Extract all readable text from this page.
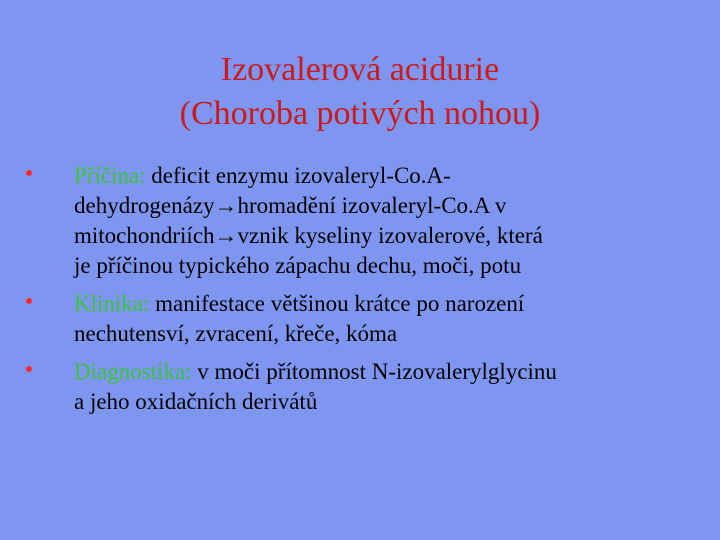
Izovalerová acidurie
(Choroba potivých nohou)
Příčina: deficit enzymu izovaleryl-Co.A-
dehydrogenázy→hromadění izovaleryl-Co.A v
mitochondriích→vznik kyseliny izovalerové, která
je příčinou typického zápachu dechu, moči, potu
Klinika: manifestace většinou krátce po narození
nechutensví, zvracení, křeče, kóma
Diagnostika: v moči přítomnost N-izovalerylglycinu
a jeho oxidačních derivátů
